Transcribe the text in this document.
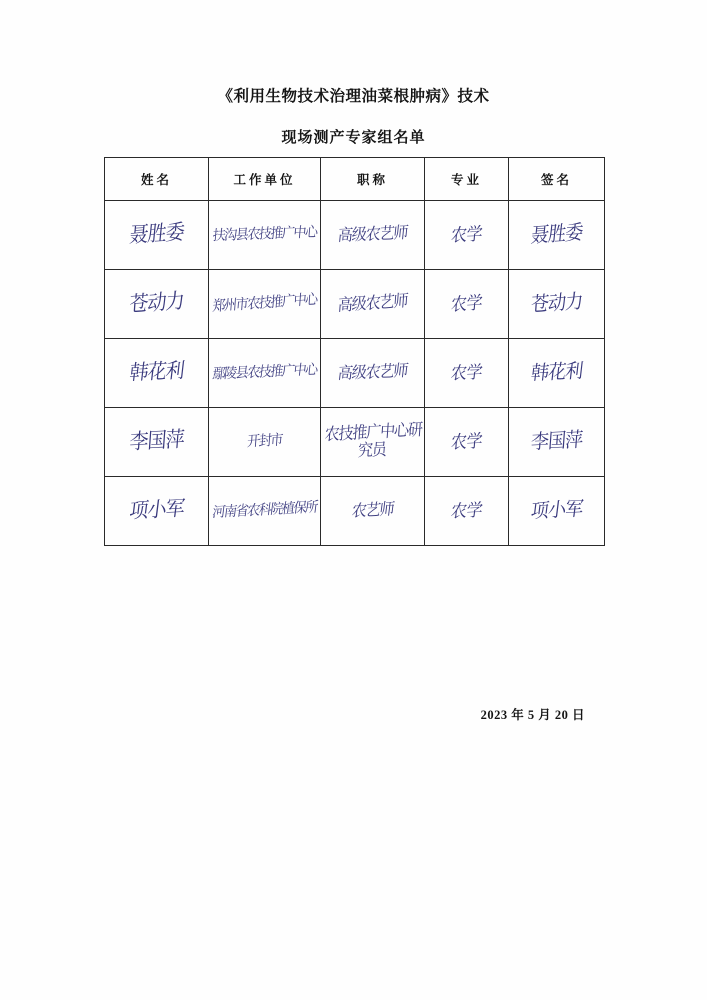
《利用生物技术治理油菜根肿病》技术
现场测产专家组名单
姓名	工作单位	职称	专业	签名

聂胜委	扶沟县农技推广中心	高级农艺师	农学	聂胜委

苍动力	郑州市农技推广中心	高级农艺师	农学	苍动力

韩花利	鄢陵县农技推广中心	高级农艺师	农学	韩花利

李国萍	开封市	农技推广中心研究员	农学	李国萍

项小军	河南省农科院植保所	农艺师	农学	项小军
2023 年 5 月 20 日
